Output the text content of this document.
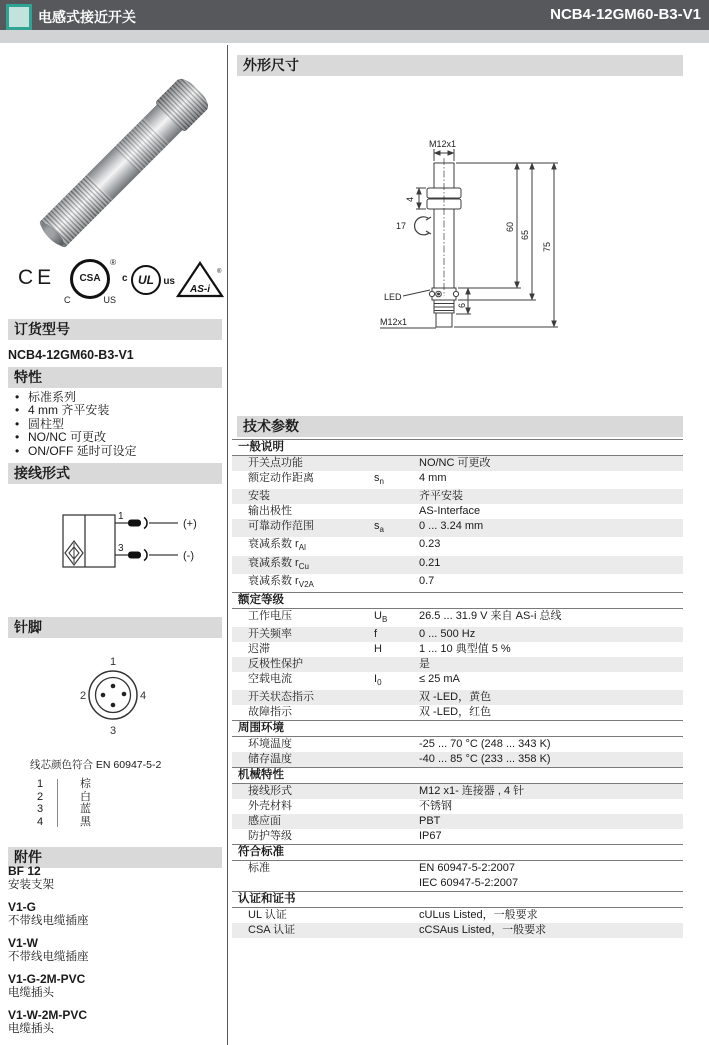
电感式接近开关	NCB4-12GM60-B3-V1
CE	CSA
C	US
®
c UL us
AS-i
®
订货型号
NCB4-12GM60-B3-V1
特性
• 标准系列
• 4 mm 齐平安装
• 圆柱型
• NO/NC 可更改
• ON/OFF 延时可设定
接线形式
1
(+)
3
(-)
针脚
1
2	4
3
线芯颜色符合 EN 60947-5-2
1	棕
2	白
3	蓝
4	黑
附件
BF 12
安装支架
V1-G
不带线电缆插座
V1-W
不带线电缆插座
V1-G-2M-PVC
电缆插头
V1-W-2M-PVC
电缆插头
外形尺寸
M12x1
4
17	60
65
75
6
LED
M12x1
技术参数
一般说明
开关点功能	NO/NC 可更改
额定动作距离	$s_n$	4 mm
安装	齐平安装
输出极性	AS-Interface
可靠动作范围	$s_a$	0 ... 3.24 mm
衰减系数 $r_{Al}$	0.23
衰减系数 $r_{Cu}$	0.21
衰减系数 $r_{V2A}$	0.7
额定等级
工作电压	$U_B$	26.5 ... 31.9 V 来自 AS-i 总线
开关频率	f	0 ... 500 Hz
迟滞	H	1 ... 10 典型值 5 %
反极性保护	是
空载电流	$I_0$	≤ 25 mA
开关状态指示	双 -LED，黄色
故障指示	双 -LED，红色
周围环境
环境温度	-25 ... 70 °C (248 ... 343 K)
储存温度	-40 ... 85 °C (233 ... 358 K)
机械特性
接线形式	M12 x1- 连接器 , 4 针
外壳材料	不锈钢
感应面	PBT
防护等级	IP67
符合标准
标准	EN 60947-5-2:2007
IEC 60947-5-2:2007
认证和证书
UL 认证	cULus Listed，一般要求
CSA 认证	cCSAus Listed，一般要求
